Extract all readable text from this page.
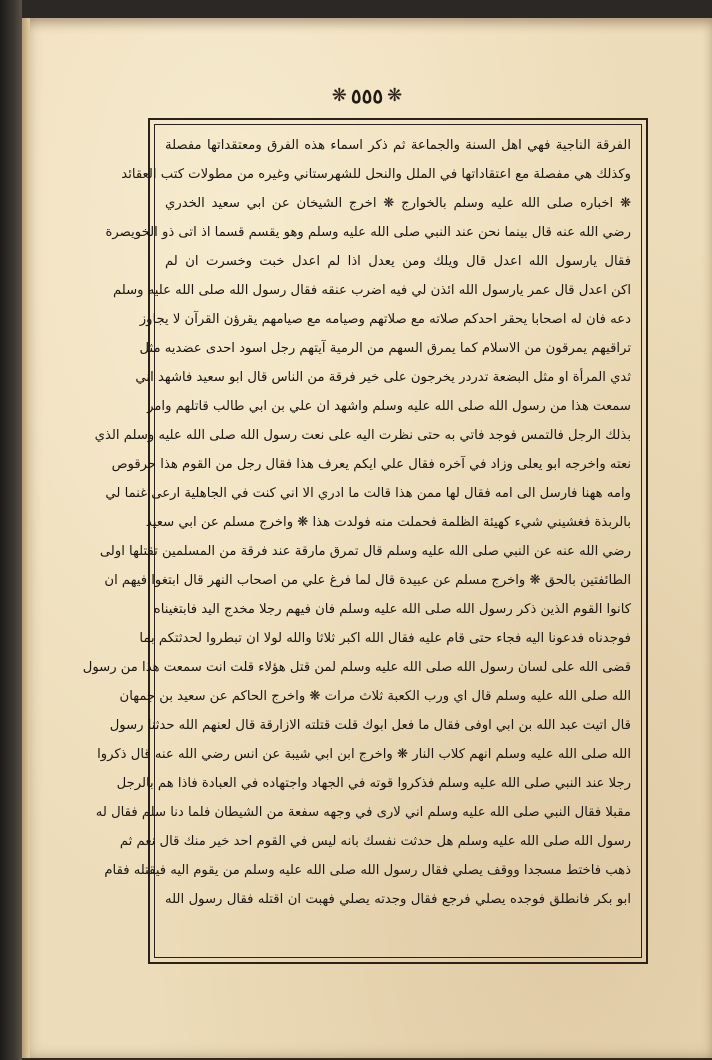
❋ ٥٥٥ ❋
الفرقة الناجية فهي اهل السنة والجماعة ثم ذكر اسماء هذه الفرق ومعتقداتها مفصلة
وكذلك هي مفصلة مع اعتقاداتها في الملل والنحل للشهرستاني وغيره من مطولات كتب العقائد
❋ اخباره صلى الله عليه وسلم بالخوارج ❋ اخرج الشيخان عن ابي سعيد الخدري
رضي الله عنه قال بينما نحن عند النبي صلى الله عليه وسلم وهو يقسم قسما اذ اتى ذو الخويصرة
فقال يارسول الله اعدل قال ويلك ومن يعدل اذا لم اعدل خبت وخسرت ان لم
اكن اعدل قال عمر يارسول الله ائذن لي فيه اضرب عنقه فقال رسول الله صلى الله عليه وسلم
دعه فان له اصحابا يحقر احدكم صلاته مع صلاتهم وصيامه مع صيامهم يقرؤن القرآن لا يجاوز
تراقيهم يمرقون من الاسلام كما يمرق السهم من الرمية آيتهم رجل اسود احدى عضديه مثل
ثدي المرأة او مثل البضعة تدردر يخرجون على خير فرقة من الناس قال ابو سعيد فاشهد اني
سمعت هذا من رسول الله صلى الله عليه وسلم واشهد ان علي بن ابي طالب قاتلهم وامر
بذلك الرجل فالتمس فوجد فاتي به حتى نظرت اليه على نعت رسول الله صلى الله عليه وسلم الذي
نعته واخرجه ابو يعلى وزاد في آخره فقال علي ايكم يعرف هذا فقال رجل من القوم هذا حرقوص
وامه ههنا فارسل الى امه فقال لها ممن هذا قالت ما ادري الا اني كنت في الجاهلية ارعى غنما لي
بالربذة فغشيني شيء كهيئة الظلمة فحملت منه فولدت هذا ❋ واخرج مسلم عن ابي سعيد
رضي الله عنه عن النبي صلى الله عليه وسلم قال تمرق مارقة عند فرقة من المسلمين تقتلها اولى
الطائفتين بالحق ❋ واخرج مسلم عن عبيدة قال لما فرغ علي من اصحاب النهر قال ابتغوا فيهم ان
كانوا القوم الذين ذكر رسول الله صلى الله عليه وسلم فان فيهم رجلا مخدج اليد فابتغيناه
فوجدناه فدعونا اليه فجاء حتى قام عليه فقال الله اكبر ثلاثا والله لولا ان تبطروا لحدثتكم بما
قضى الله على لسان رسول الله صلى الله عليه وسلم لمن قتل هؤلاء قلت انت سمعت هذا من رسول
الله صلى الله عليه وسلم قال اي ورب الكعبة ثلاث مرات ❋ واخرج الحاكم عن سعيد بن جمهان
قال اتيت عبد الله بن ابي اوفى فقال ما فعل ابوك قلت قتلته الازارقة قال لعنهم الله حدثنا رسول
الله صلى الله عليه وسلم انهم كلاب النار ❋ واخرج ابن ابي شيبة عن انس رضي الله عنه قال ذكروا
رجلا عند النبي صلى الله عليه وسلم فذكروا قوته في الجهاد واجتهاده في العبادة فاذا هم بالرجل
مقبلا فقال النبي صلى الله عليه وسلم اني لارى في وجهه سفعة من الشيطان فلما دنا سلم فقال له
رسول الله صلى الله عليه وسلم هل حدثت نفسك بانه ليس في القوم احد خير منك قال نعم ثم
ذهب فاختط مسجدا ووقف يصلي فقال رسول الله صلى الله عليه وسلم من يقوم اليه فيقتله فقام
ابو بكر فانطلق فوجده يصلي فرجع فقال وجدته يصلي فهبت ان اقتله فقال رسول الله
